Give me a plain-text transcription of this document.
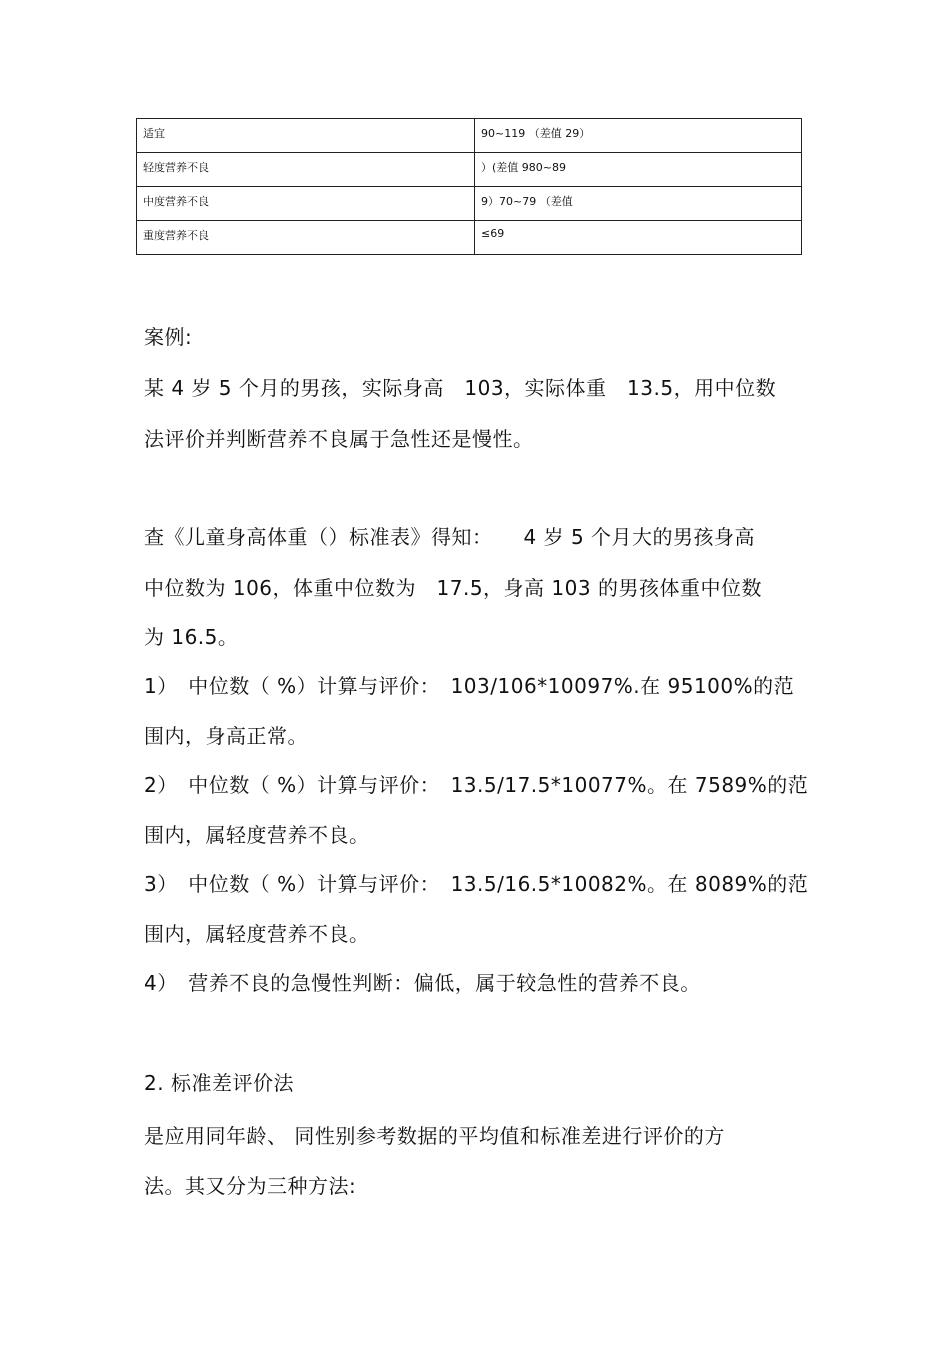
适宜	90~119 （差值 29）
轻度营养不良	）(差值 980~89
中度营养不良	9）70~79 （差值
重度营养不良	≤69
案例:
某 4 岁 5 个月的男孩，实际身高　103，实际体重　13.5，用中位数
法评价并判断营养不良属于急性还是慢性。
查《儿童身高体重（）标准表》得知：　　4 岁 5 个月大的男孩身高
中位数为 106，体重中位数为　17.5，身高 103 的男孩体重中位数
为 16.5。
1）　中位数（ %）计算与评价：　103/106*10097%.在 95100%的范
围内，身高正常。
2）　中位数（ %）计算与评价：　13.5/17.5*10077%。在 7589%的范
围内，属轻度营养不良。
3）　中位数（ %）计算与评价：　13.5/16.5*10082%。在 8089%的范
围内，属轻度营养不良。
4）　营养不良的急慢性判断：偏低，属于较急性的营养不良。
2. 标准差评价法
是应用同年龄、 同性别参考数据的平均值和标准差进行评价的方
法。其又分为三种方法:
